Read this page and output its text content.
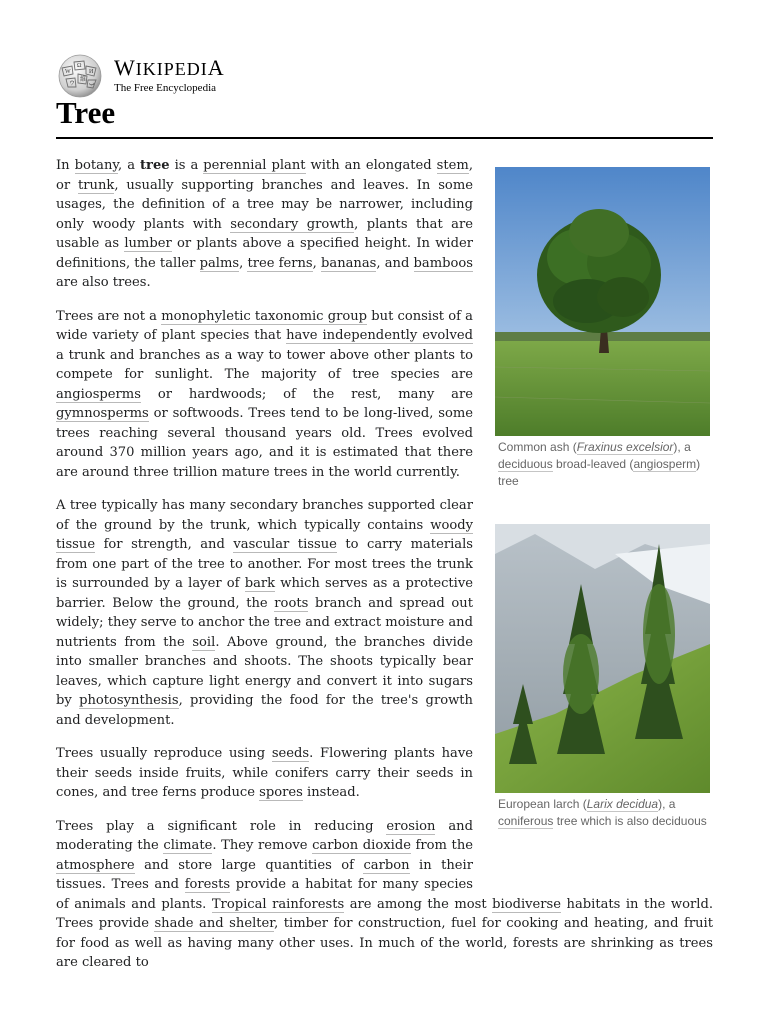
W
Ω
И
ウ
維
ب
WIKIPEDIA
The Free Encyclopedia
Tree

In botany, a tree is a perennial plant with an elongated stem, or trunk, usually supporting branches and leaves. In some usages, the definition of a tree may be narrower, including only woody plants with secondary growth, plants that are usable as lumber or plants above a specified height. In wider definitions, the taller palms, tree ferns, bananas, and bamboos are also trees.

Trees are not a monophyletic taxonomic group but consist of a wide variety of plant species that have independently evolved a trunk and branches as a way to tower above other plants to compete for sunlight. The majority of tree species are angiosperms or hardwoods; of the rest, many are gymnosperms or softwoods. Trees tend to be long-lived, some trees reaching several thousand years old. Trees evolved around 370 million years ago, and it is estimated that there are around three trillion mature trees in the world currently.

A tree typically has many secondary branches supported clear of the ground by the trunk, which typically contains woody tissue for strength, and vascular tissue to carry materials from one part of the tree to another. For most trees the trunk is surrounded by a layer of bark which serves as a protective barrier. Below the ground, the roots branch and spread out widely; they serve to anchor the tree and extract moisture and nutrients from the soil. Above ground, the branches divide into smaller branches and shoots. The shoots typically bear leaves, which capture light energy and convert it into sugars by photosynthesis, providing the food for the tree's growth and development.

Trees usually reproduce using seeds. Flowering plants have their seeds inside fruits, while conifers carry their seeds in cones, and tree ferns produce spores instead.

Trees play a significant role in reducing erosion and moderating the climate. They remove carbon dioxide from the atmosphere and store large quantities of carbon in their tissues. Trees and forests provide a habitat for many species of animals and plants. Tropical rainforests are among the most biodiverse habitats in the world. Trees provide shade and shelter, timber for construction, fuel for cooking and heating, and fruit for food as well as having many other uses. In much of the world, forests are shrinking as trees are cleared to

Common ash (Fraxinus excelsior), a deciduous broad-leaved (angiosperm) tree
European larch (Larix decidua), a coniferous tree which is also deciduous
